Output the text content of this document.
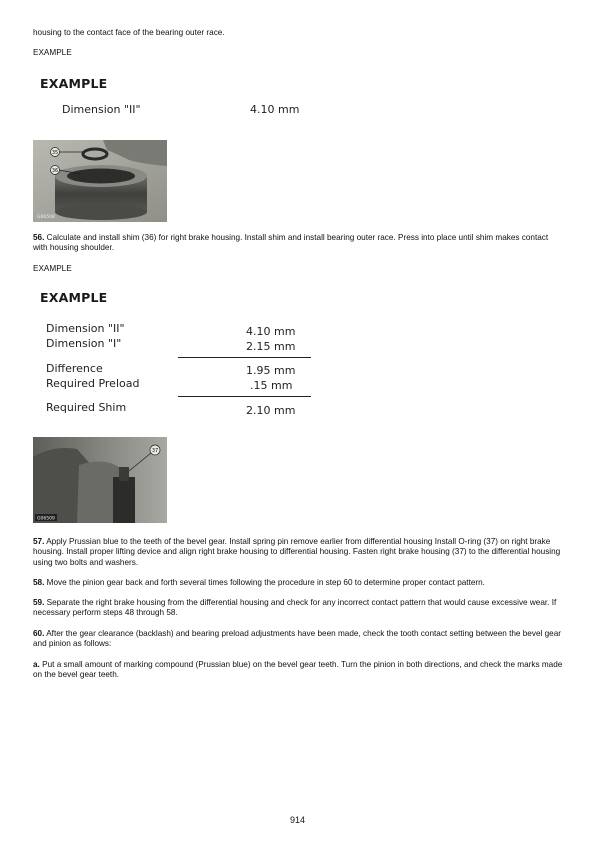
housing to the contact face of the bearing outer race.
EXAMPLE
EXAMPLE
Dimension "II"	4.10 mm
35
36
G06508
56. Calculate and install shim (36) for right brake housing. Install shim and install bearing outer race. Press into place until shim makes contact with housing shoulder.
EXAMPLE
EXAMPLE
Dimension "II"	4.10 mm
Dimension "I"	2.15 mm
Difference	1.95 mm
Required Preload	.15 mm
Required Shim	2.10 mm
37
G06509
57. Apply Prussian blue to the teeth of the bevel gear. Install spring pin remove earlier from differential housing Install O-ring (37) on right brake housing. Install proper lifting device and align right brake housing to differential housing. Fasten right brake housing (37) to the differential housing using two bolts and washers.
58. Move the pinion gear back and forth several times following the procedure in step 60 to determine proper contact pattern.
59. Separate the right brake housing from the differential housing and check for any incorrect contact pattern that would cause excessive wear. If necessary perform steps 48 through 58.
60. After the gear clearance (backlash) and bearing preload adjustments have been made, check the tooth contact setting between the bevel gear and pinion as follows:
a. Put a small amount of marking compound (Prussian blue) on the bevel gear teeth. Turn the pinion in both directions, and check the marks made on the bevel gear teeth.
914
